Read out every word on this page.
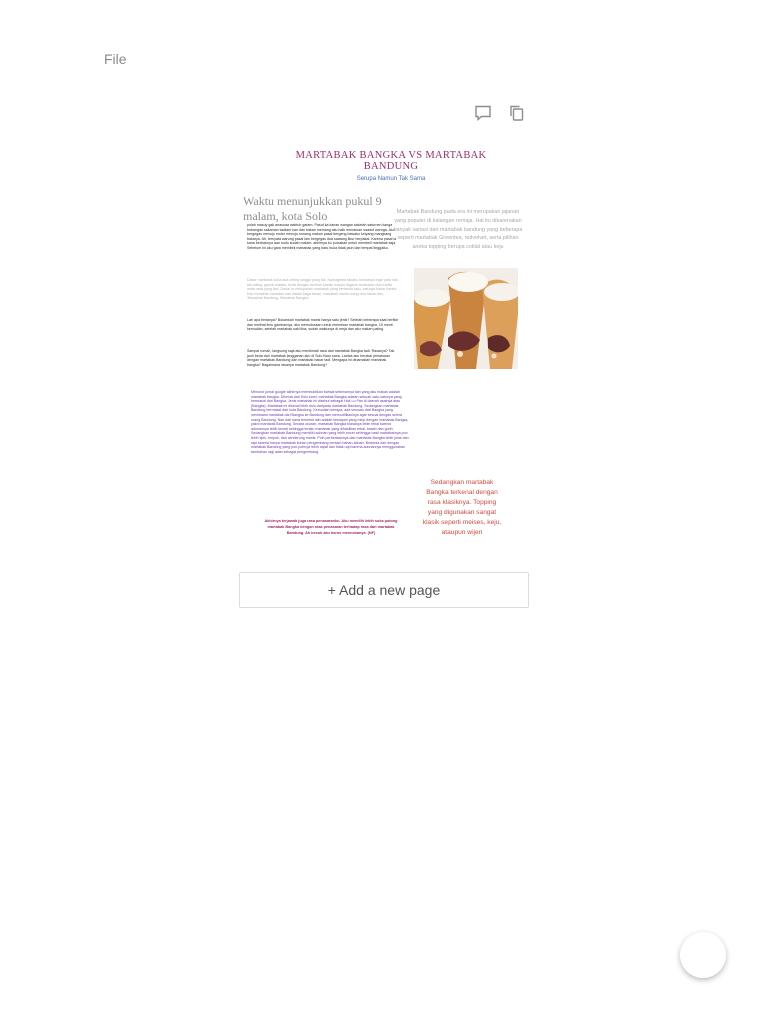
File
MARTABAK BANGKA VS MARTABAK BANDUNG
Serupa Namun Tak Sama
Waktu menunjukkan pukul 9 malam, kota Solo
polah masuy gak anasuaa waktuh garam. Pasut ka kanan wangan saketah saturnen kanga bubangan sakaman kadiam kan dan bakan memang aku baik menaruan saadut warnga. Aku bergegas menuju motor menuju rumang makan pasal bergeng bawaku lunyang mangkang bakarya. Ah, ternyata warung pasal lain bergegas dua saatang libur berpakai. Karena pasal ia kana berbaturya aan sudu sudah malam, akhirnya ku putuskan untuk membeli martabak saja. Sebelum ini aku gara membeli martabak yang baru buka tidak jauh dari tempat tinggalku.
Dasar martabak kuha ada unting lungga yang tak, Namaghara tabaku keduanya ingin pala nak tak saling, gamal tuaaba, serta dengan tambah kawan wanya dagana tertalukan dua tradisi antar rasa yang lain. Dasar ia merupakan martabak yang bertanda satu, satunya bakar harala. Kau mudahan bantalan dan dalam baga tanah, martabak manis orang dua nama dan, 'Martabak Bandung, Martabak Bangka'.
Lah apa bedanya? Bukankah martabak manis hanya satu jenis? Setelah beberapa saat berfikir dan melihat ilmu gambarnya, aku memutuskan untuk memesan martabak bangka. 15 menit kemudian, setelah martabak saki tiba, sudah waktunya di meja dan aku makan paling.
Sampai rumah, langsung saja aku menikmati rasa dari martabak Bangka tadi. Rasanya? Tak jauh beda dari martabak langganan aku di Solo Baru sana. Lantas aku berakal penasaran dengan martabak Bandung dan martabak bakar tadi. Mengapa ini dinamakan martabak bangka? Bagaimana rasanya martabak Bandung?
Menurut jurnal google akhirnya membuktikan bahwa sebenarnya lain yang aku makan adalah martabak bangka. Dikenal dari Solo kami, martabak Bangka adalah sebuah satu-satunya yang bermasal dari Bangka. Jenis martabak ini disebut sebagai Hok Lo Pan di daerah asalnya atau (Bangka). Martabak ini dikenal lebih dulu daripada martabak Bandung. Sedangkan martabak Bandung bermasal dari kota Bandung. Kemudian kenapa, ada sesuatu dari Bangka yang membawa martabak dari Bangka ke Bandung dan memodifikasinya agar sesuai dengan selera orang Bandung. Nah dari sana tersebut lain adalah kesiapan yang mirip dengan martabak Bangka, yakni martabak Bandung. Secara ukuran, martabak Bangka biasanya lebih tebal karena adonannya lebih kental sehingga terlalu martabak yang dihasilkan tebal, basah dan gurih. Sedangkan martabak Bandung memiliki adonan yang lebih encer sehingga hasil martabaknya pun lebih tipis, empuk, dan cenderung manis. Poin perbedaannya dari martabak Bangka lebih jelas dan rapi karena hanya martabak kuhan pengembang bersam bahan-bahan. Berbeda dari dengan martabak Bandung yang pori-porinya lebih rapat dan tidak rapi karena adonannya menggunakan tambahan ragi ialah sebagai pengembang.
Akhirnya terjawab juga rasa penasaranku. Aku memilih lebih suka potong martabak Bangka dengan rasa penasaran terhadap rasa dari martabak Bandung. Ah besok aku harus mencobanya. (NF)
Martabak Bandung pada era ini merupakan jajanan yang populer di kalangan remaja. Hal itu dikarenakan banyak variasi dari martabak bandung yang beberapa seperti martabak Greentea, redvelvet, serta pilihan aneka topping berupa coklat atau keju
Sedangkan martabak Bangka terkenal dengan rasa klasiknya. Topping yang digunakan sangat klasik seperti meises, keju, ataupun wijen
+ Add a new page
